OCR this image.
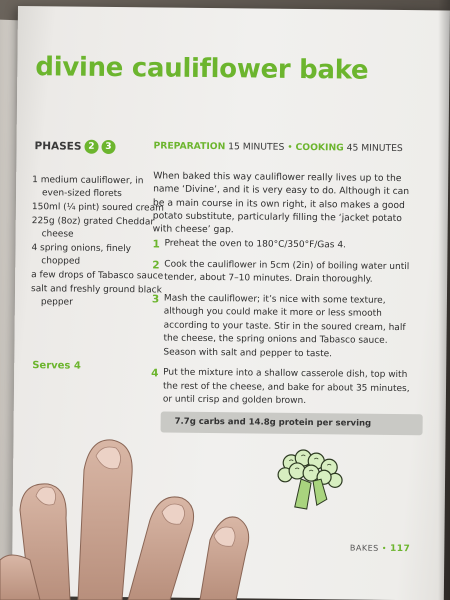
divine cauliflower bake
PHASES 2	3
1 medium cauliflower, in even-sized florets
150ml (¼ pint) soured cream
225g (8oz) grated Cheddar cheese
4 spring onions, finely chopped
a few drops of Tabasco sauce
salt and freshly ground black pepper
Serves 4
PREPARATION 15 MINUTES • COOKING 45 MINUTES
When baked this way cauliflower really lives up to the name ‘Divine’, and it is very easy to do. Although it can be a main course in its own right, it also makes a good potato substitute, particularly filling the ‘jacket potato with cheese’ gap.
1 Preheat the oven to 180°C/350°F/Gas 4.
2 Cook the cauliflower in 5cm (2in) of boiling water until tender, about 7–10 minutes. Drain thoroughly.
3 Mash the cauliflower; it’s nice with some texture, although you could make it more or less smooth according to your taste. Stir in the soured cream, half the cheese, the spring onions and Tabasco sauce. Season with salt and pepper to taste.
4 Put the mixture into a shallow casserole dish, top with the rest of the cheese, and bake for about 35 minutes, or until crisp and golden brown.
7.7g carbs and 14.8g protein per serving
BAKES • 117
